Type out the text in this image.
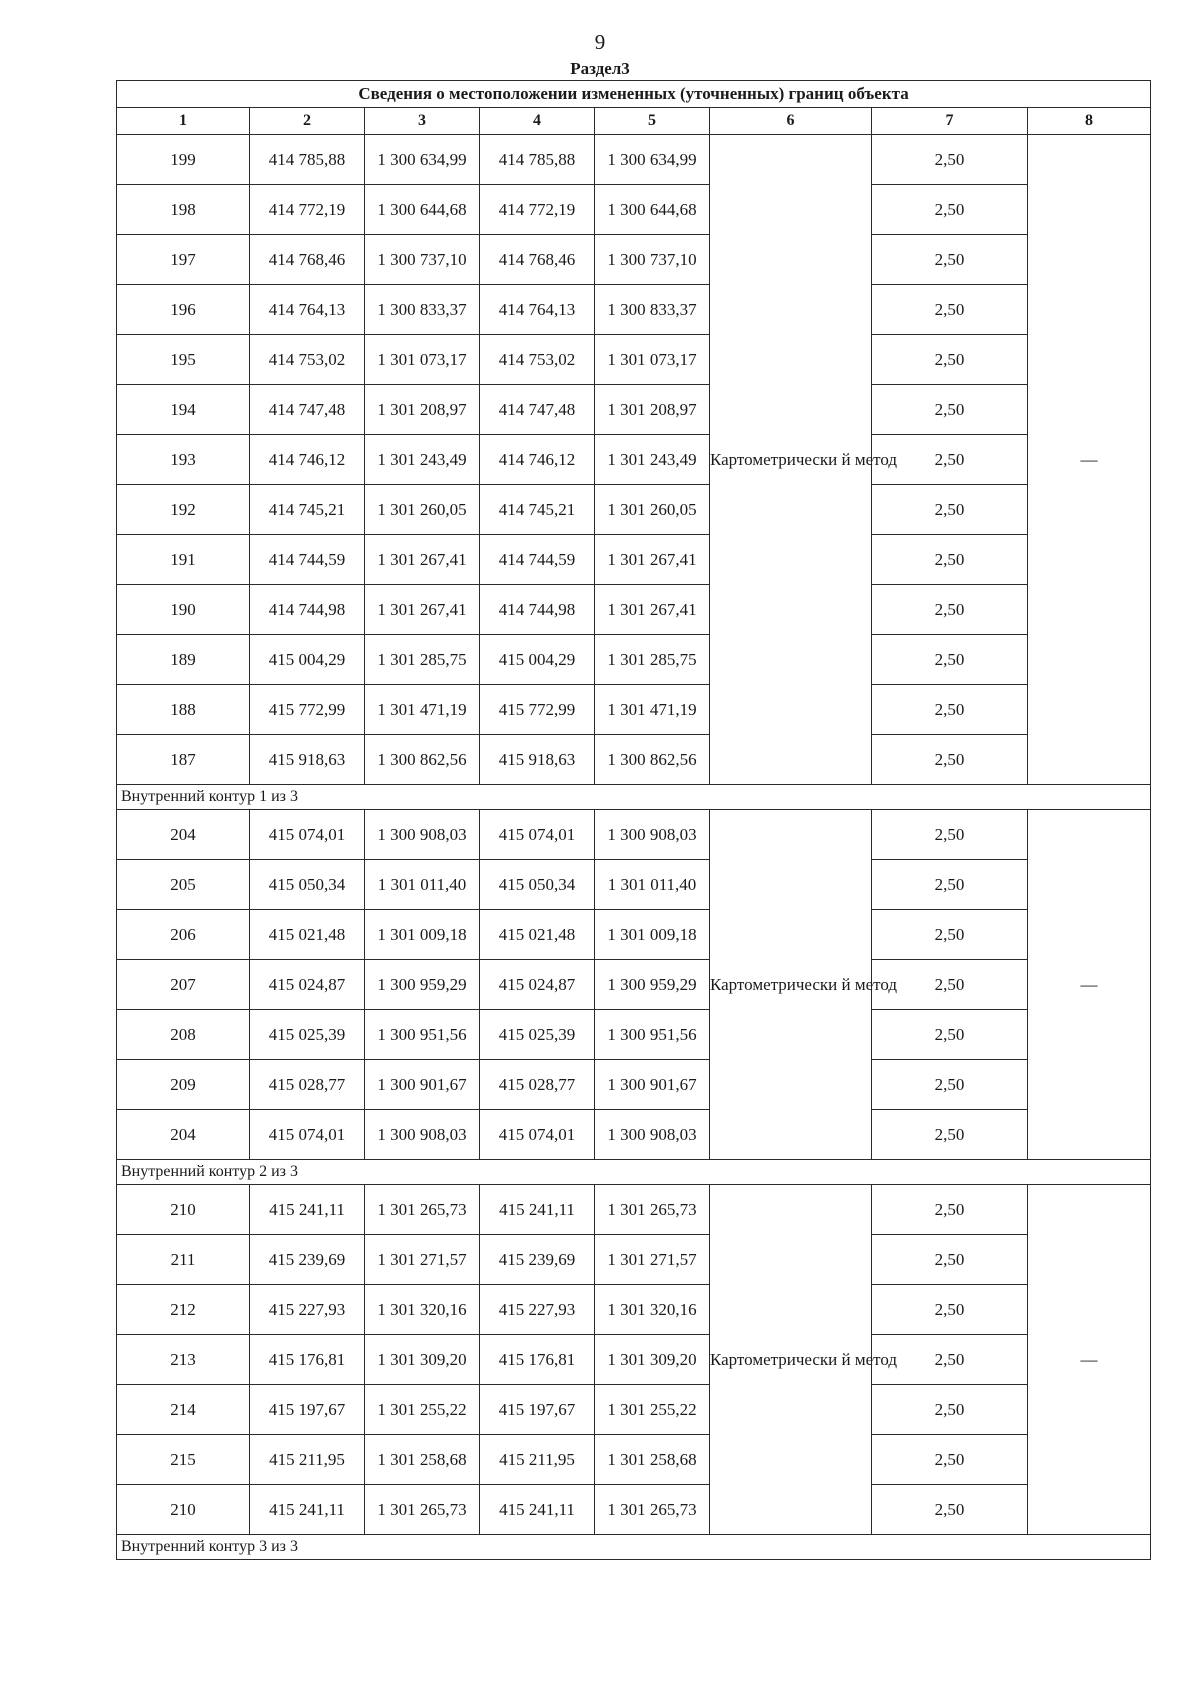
9
Раздел3
Сведения о местоположении измененных (уточненных) границ объекта							
1	2	3	4	5	6	7	8
199	414 785,88	1 300 634,99	414 785,88	1 300 634,99	Картометрически й метод	2,50	—
198	414 772,19	1 300 644,68	414 772,19	1 300 644,68		2,50	
197	414 768,46	1 300 737,10	414 768,46	1 300 737,10		2,50	
196	414 764,13	1 300 833,37	414 764,13	1 300 833,37		2,50	
195	414 753,02	1 301 073,17	414 753,02	1 301 073,17		2,50	
194	414 747,48	1 301 208,97	414 747,48	1 301 208,97		2,50	
193	414 746,12	1 301 243,49	414 746,12	1 301 243,49		2,50	
192	414 745,21	1 301 260,05	414 745,21	1 301 260,05		2,50	
191	414 744,59	1 301 267,41	414 744,59	1 301 267,41		2,50	
190	414 744,98	1 301 267,41	414 744,98	1 301 267,41		2,50	
189	415 004,29	1 301 285,75	415 004,29	1 301 285,75		2,50	
188	415 772,99	1 301 471,19	415 772,99	1 301 471,19		2,50	
187	415 918,63	1 300 862,56	415 918,63	1 300 862,56		2,50	
Внутренний контур 1 из 3							
204	415 074,01	1 300 908,03	415 074,01	1 300 908,03	Картометрически й метод	2,50	—
205	415 050,34	1 301 011,40	415 050,34	1 301 011,40		2,50	
206	415 021,48	1 301 009,18	415 021,48	1 301 009,18		2,50	
207	415 024,87	1 300 959,29	415 024,87	1 300 959,29		2,50	
208	415 025,39	1 300 951,56	415 025,39	1 300 951,56		2,50	
209	415 028,77	1 300 901,67	415 028,77	1 300 901,67		2,50	
204	415 074,01	1 300 908,03	415 074,01	1 300 908,03		2,50	
Внутренний контур 2 из 3							
210	415 241,11	1 301 265,73	415 241,11	1 301 265,73	Картометрически й метод	2,50	—
211	415 239,69	1 301 271,57	415 239,69	1 301 271,57		2,50	
212	415 227,93	1 301 320,16	415 227,93	1 301 320,16		2,50	
213	415 176,81	1 301 309,20	415 176,81	1 301 309,20		2,50	
214	415 197,67	1 301 255,22	415 197,67	1 301 255,22		2,50	
215	415 211,95	1 301 258,68	415 211,95	1 301 258,68		2,50	
210	415 241,11	1 301 265,73	415 241,11	1 301 265,73		2,50	
Внутренний контур 3 из 3							
